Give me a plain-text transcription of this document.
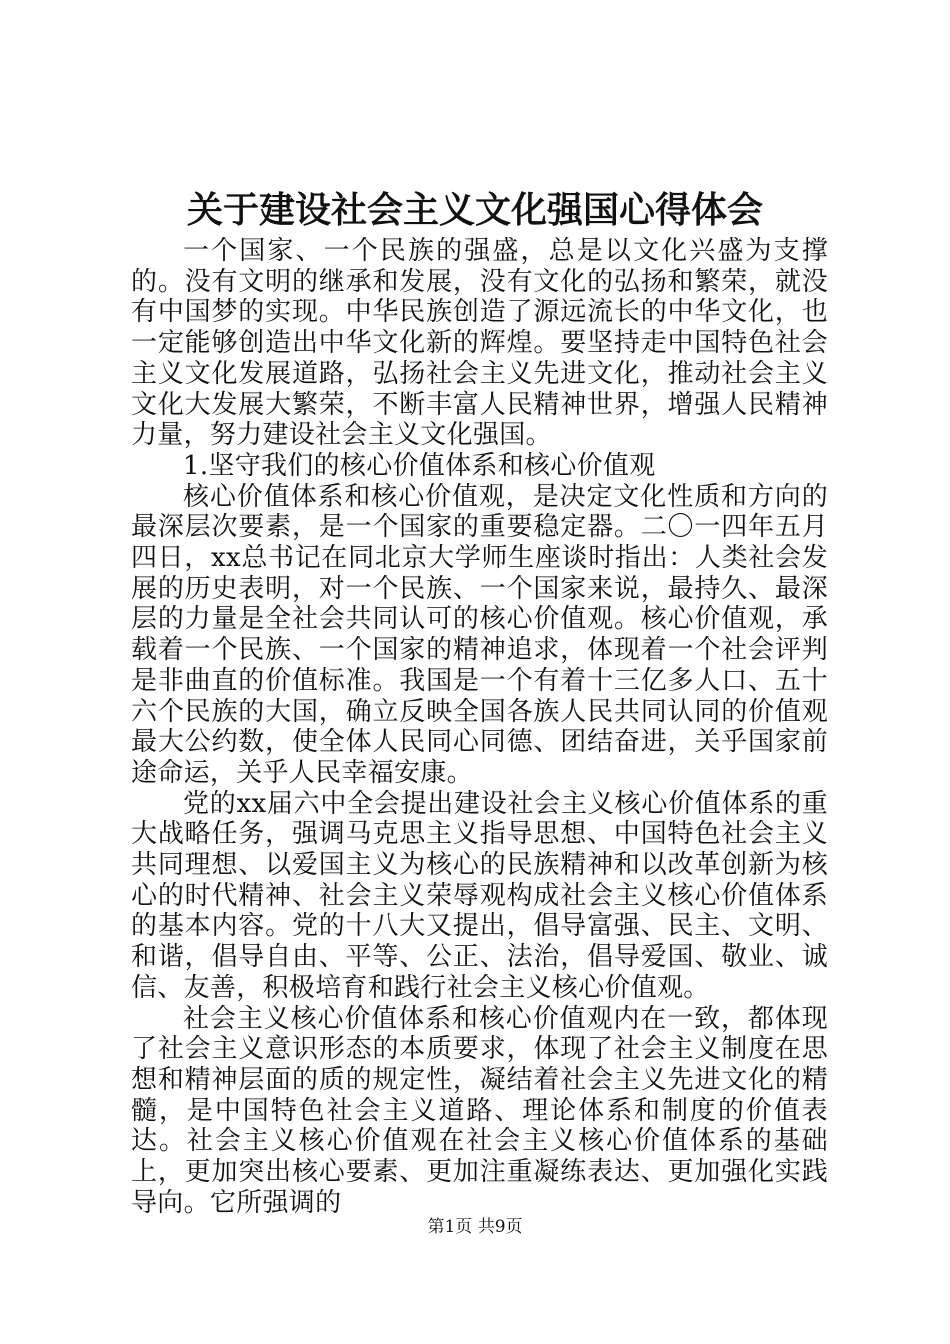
关于建设社会主义文化强国心得体会

一个国家、一个民族的强盛，总是以文化兴盛为支撑的。没有文明的继承和发展，没有文化的弘扬和繁荣，就没有中国梦的实现。中华民族创造了源远流长的中华文化，也一定能够创造出中华文化新的辉煌。要坚持走中国特色社会主义文化发展道路，弘扬社会主义先进文化，推动社会主义文化大发展大繁荣，不断丰富人民精神世界，增强人民精神力量，努力建设社会主义文化强国。

1.坚守我们的核心价值体系和核心价值观

核心价值体系和核心价值观，是决定文化性质和方向的最深层次要素，是一个国家的重要稳定器。二〇一四年五月四日，xx总书记在同北京大学师生座谈时指出：人类社会发展的历史表明，对一个民族、一个国家来说，最持久、最深层的力量是全社会共同认可的核心价值观。核心价值观，承载着一个民族、一个国家的精神追求，体现着一个社会评判是非曲直的价值标准。我国是一个有着十三亿多人口、五十六个民族的大国，确立反映全国各族人民共同认同的价值观最大公约数，使全体人民同心同德、团结奋进，关乎国家前途命运，关乎人民幸福安康。

党的xx届六中全会提出建设社会主义核心价值体系的重大战略任务，强调马克思主义指导思想、中国特色社会主义共同理想、以爱国主义为核心的民族精神和以改革创新为核心的时代精神、社会主义荣辱观构成社会主义核心价值体系的基本内容。党的十八大又提出，倡导富强、民主、文明、和谐，倡导自由、平等、公正、法治，倡导爱国、敬业、诚信、友善，积极培育和践行社会主义核心价值观。

社会主义核心价值体系和核心价值观内在一致，都体现了社会主义意识形态的本质要求，体现了社会主义制度在思想和精神层面的质的规定性，凝结着社会主义先进文化的精髓，是中国特色社会主义道路、理论体系和制度的价值表达。社会主义核心价值观在社会主义核心价值体系的基础上，更加突出核心要素、更加注重凝练表达、更加强化实践导向。它所强调的

第1页 共9页
